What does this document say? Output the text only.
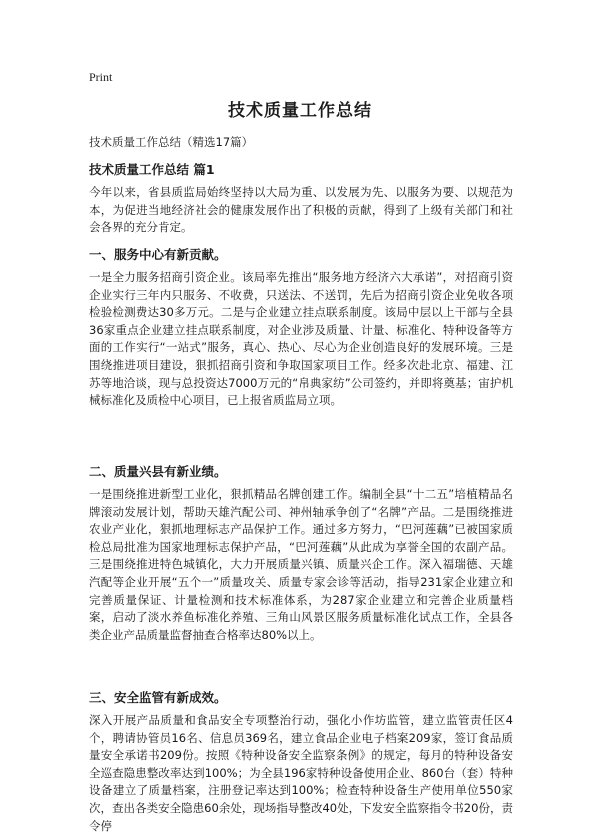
Print
技术质量工作总结

技术质量工作总结（精选17篇）

技术质量工作总结 篇1

今年以来，省县质监局始终坚持以大局为重、以发展为先、以服务为要、以规范为本，为促进当地经济社会的健康发展作出了积极的贡献，得到了上级有关部门和社会各界的充分肯定。

一、服务中心有新贡献。

一是全力服务招商引资企业。该局率先推出“服务地方经济六大承诺”，对招商引资企业实行三年内只服务、不收费，只送法、不送罚，先后为招商引资企业免收各项检验检测费达30多万元。二是与企业建立挂点联系制度。该局中层以上干部与全县36家重点企业建立挂点联系制度，对企业涉及质量、计量、标准化、特种设备等方面的工作实行“一站式”服务，真心、热心、尽心为企业创造良好的发展环境。三是围绕推进项目建设，狠抓招商引资和争取国家项目工作。经多次赴北京、福建、江苏等地洽谈，现与总投资达7000万元的“帛典家纺”公司签约，并即将奠基；宙护机械标准化及质检中心项目，已上报省质监局立项。

二、质量兴县有新业绩。

一是围绕推进新型工业化，狠抓精品名牌创建工作。编制全县“十二五”培植精品名牌滚动发展计划，帮助天雄汽配公司、神州轴承争创了“名牌”产品。二是围绕推进农业产业化，狠抓地理标志产品保护工作。通过多方努力，“巴河莲藕”已被国家质检总局批准为国家地理标志保护产品，“巴河莲藕”从此成为享誉全国的农副产品。三是围绕推进特色城镇化，大力开展质量兴镇、质量兴企工作。深入福瑞德、天雄汽配等企业开展“五个一”质量攻关、质量专家会诊等活动，指导231家企业建立和完善质量保证、计量检测和技术标准体系，为287家企业建立和完善企业质量档案，启动了淡水养鱼标准化养殖、三角山风景区服务质量标准化试点工作，全县各类企业产品质量监督抽查合格率达80%以上。

三、安全监管有新成效。

深入开展产品质量和食品安全专项整治行动，强化小作坊监管，建立监管责任区4个，聘请协管员16名、信息员369名，建立食品企业电子档案209家，签订食品质量安全承诺书209份。按照《特种设备安全监察条例》的规定，每月的特种设备安全巡查隐患整改率达到100%；为全县196家特种设备使用企业、860台（套）特种设备建立了质量档案，注册登记率达到100%；检查特种设备生产使用单位550家次，查出各类安全隐患60余处，现场指导整改40处，下发安全监察指令书20份，责令停
